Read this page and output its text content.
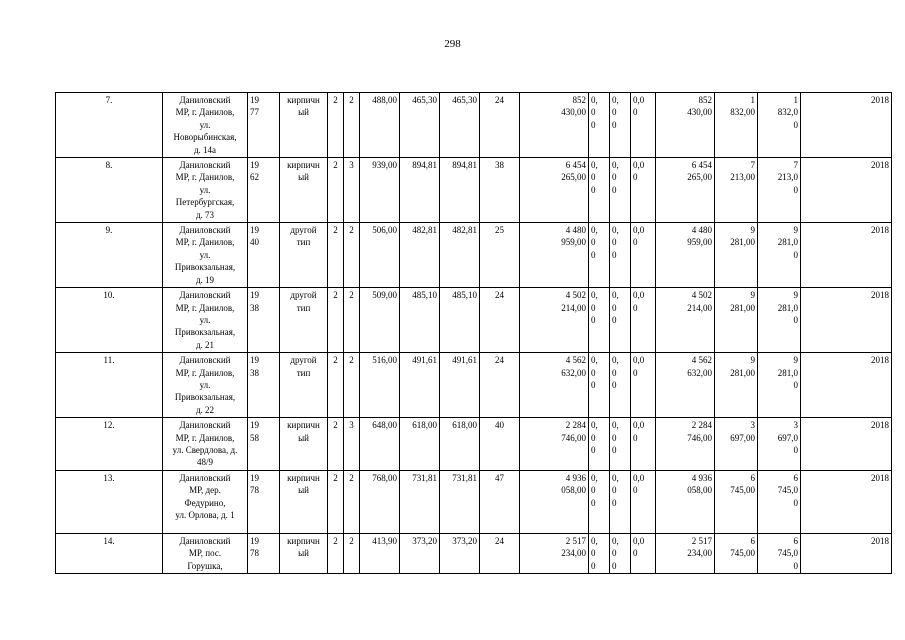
298
7.	Даниловский
МР, г. Данилов,
ул.
Новорыбинская,
д. 14а	19
77	кирпичн
ый	2	2	488,00	465,30	465,30	24	852
430,00	0,
0
0	0,
0
0	0,0
0	852
430,00	1
832,00	1
832,0
0	2018
8.	Даниловский
МР, г. Данилов,
ул.
Петербургская,
д. 73	19
62	кирпичн
ый	2	3	939,00	894,81	894,81	38	6 454
265,00	0,
0
0	0,
0
0	0,0
0	6 454
265,00	7
213,00	7
213,0
0	2018
9.	Даниловский
МР, г. Данилов,
ул.
Привокзальная,
д. 19	19
40	другой
тип	2	2	506,00	482,81	482,81	25	4 480
959,00	0,
0
0	0,
0
0	0,0
0	4 480
959,00	9
281,00	9
281,0
0	2018
10.	Даниловский
МР, г. Данилов,
ул.
Привокзальная,
д. 21	19
38	другой
тип	2	2	509,00	485,10	485,10	24	4 502
214,00	0,
0
0	0,
0
0	0,0
0	4 502
214,00	9
281,00	9
281,0
0	2018
11.	Даниловский
МР, г. Данилов,
ул.
Привокзальная,
д. 22	19
38	другой
тип	2	2	516,00	491,61	491,61	24	4 562
632,00	0,
0
0	0,
0
0	0,0
0	4 562
632,00	9
281,00	9
281,0
0	2018
12.	Даниловский
МР, г. Данилов,
ул. Свердлова, д.
48/9	19
58	кирпичн
ый	2	3	648,00	618,00	618,00	40	2 284
746,00	0,
0
0	0,
0
0	0,0
0	2 284
746,00	3
697,00	3
697,0
0	2018
13.	Даниловский
МР, дер.
Федурино,
ул. Орлова, д. 1	19
78	кирпичн
ый	2	2	768,00	731,81	731,81	47	4 936
058,00	0,
0
0	0,
0
0	0,0
0	4 936
058,00	6
745,00	6
745,0
0	2018
14.	Даниловский
МР, пос.
Горушка,	19
78	кирпичн
ый	2	2	413,90	373,20	373,20	24	2 517
234,00	0,
0
0	0,
0
0	0,0
0	2 517
234,00	6
745,00	6
745,0
0	2018
